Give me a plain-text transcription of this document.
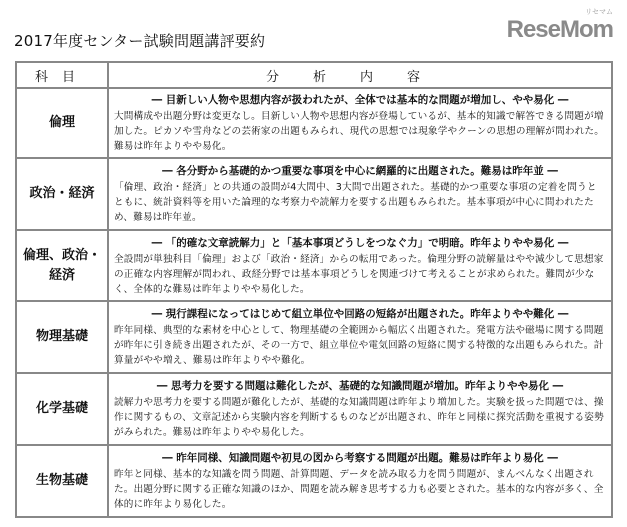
2017年度センター試験問題講評要約
科目	分析内容
倫理	― 目新しい人物や思想内容が扱われたが、全体では基本的な問題が増加し、やや易化 ―
大問構成や出題分野は変更なし。目新しい人物や思想内容が登場しているが、基本的知識で解答できる問題が増加した。ピカソや雪舟などの芸術家の出題もみられ、現代の思想では現象学やクーンの思想の理解が問われた。難易は昨年よりやや易化。

政治・経済	― 各分野から基礎的かつ重要な事項を中心に網羅的に出題された。難易は昨年並 ―
「倫理、政治・経済」との共通の設問が4大問中、3大問で出題された。基礎的かつ重要な事項の定着を問うとともに、統計資料等を用いた論理的な考察力や読解力を要する出題もみられた。基本事項が中心に問われたため、難易は昨年並。

倫理、政治・経済	― 「的確な文章読解力」と「基本事項どうしをつなぐ力」で明暗。昨年よりやや易化 ―
全設問が単独科目「倫理」および「政治・経済」からの転用であった。倫理分野の読解量はやや減少して思想家の正確な内容理解が問われ、政経分野では基本事項どうしを関連づけて考えることが求められた。難問が少なく、全体的な難易は昨年よりやや易化した。

物理基礎	― 現行課程になってはじめて組立単位や回路の短絡が出題された。昨年よりやや難化 ―
昨年同様、典型的な素材を中心として、物理基礎の全範囲から幅広く出題された。発電方法や磁場に関する問題が昨年に引き続き出題されたが、その一方で、組立単位や電気回路の短絡に関する特徴的な出題もみられた。計算量がやや増え、難易は昨年よりやや難化。

化学基礎	― 思考力を要する問題は難化したが、基礎的な知識問題が増加。昨年よりやや易化 ―
読解力や思考力を要する問題が難化したが、基礎的な知識問題は昨年より増加した。実験を扱った問題では、操作に関するもの、文章記述から実験内容を判断するものなどが出題され、昨年と同様に探究活動を重視する姿勢がみられた。難易は昨年よりやや易化した。

生物基礎	― 昨年同様、知識問題や初見の図から考察する問題が出題。難易は昨年より易化 ―
昨年と同様、基本的な知識を問う問題、計算問題、データを読み取る力を問う問題が、まんべんなく出題された。出題分野に関する正確な知識のほか、問題を読み解き思考する力も必要とされた。基本的な内容が多く、全体的に昨年より易化した。
リセマム
ReseMom
